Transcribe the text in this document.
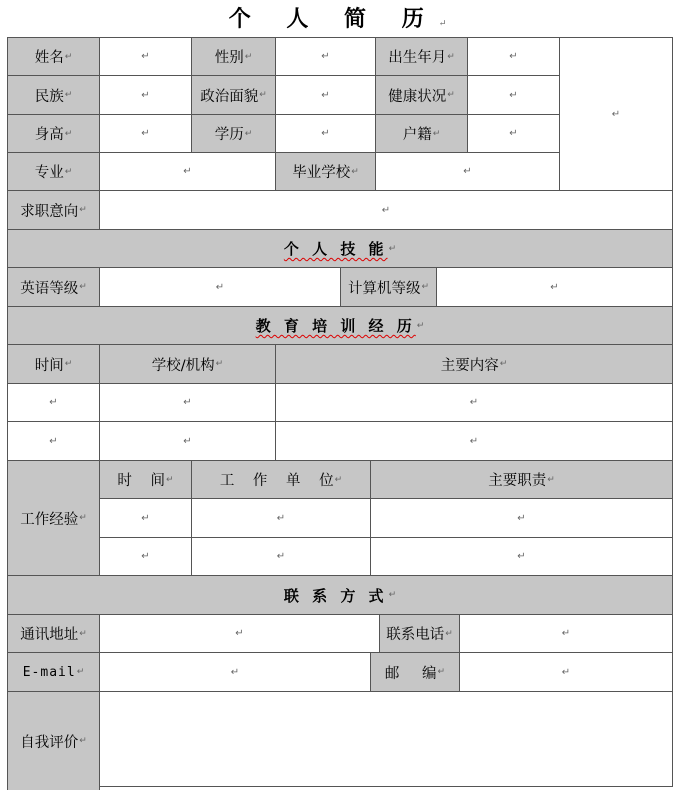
个 人 简 历↵
姓名 ↵	↵	性别 ↵	↵	出生年月 ↵	↵
↵
民族 ↵	↵	政治面貌 ↵	↵	健康状况 ↵	↵
身高 ↵	↵	学历 ↵	↵	户籍 ↵	↵
专业 ↵	↵	毕业学校 ↵	↵
求职意向 ↵	↵
个 人 技 能 ↵
英语等级 ↵	↵	计算机等级 ↵	↵
教 育 培 训 经 历 ↵
时间 ↵	学校/机构 ↵	主要内容 ↵
↵	↵	↵
↵	↵	↵
工作经验 ↵
时 间 ↵	工 作 单 位 ↵	主要职责 ↵
↵	↵	↵
↵	↵	↵
联 系 方 式 ↵
通讯地址 ↵	↵	联系电话 ↵	↵
E-mail ↵	↵	邮 编 ↵	↵
自我评价 ↵
